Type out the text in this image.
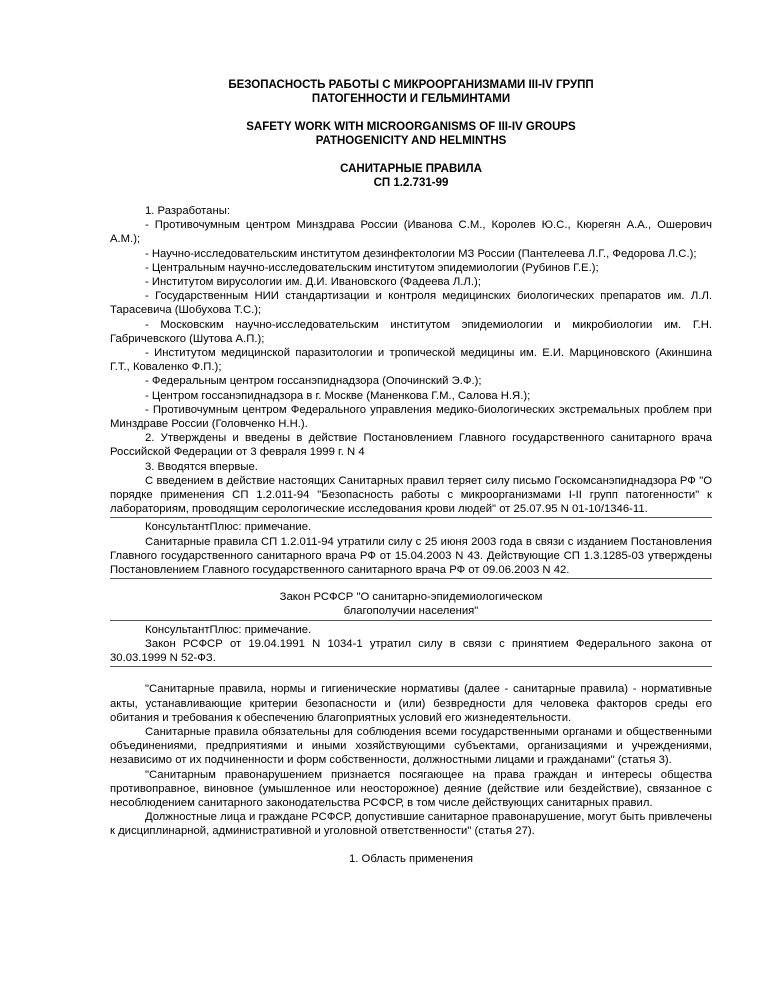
БЕЗОПАСНОСТЬ РАБОТЫ С МИКРООРГАНИЗМАМИ III-IV ГРУПП
ПАТОГЕННОСТИ И ГЕЛЬМИНТАМИ
SAFETY WORK WITH MICROORGANISMS OF III-IV GROUPS
PATHOGENICITY AND HELMINTHS
САНИТАРНЫЕ ПРАВИЛА
СП 1.2.731-99

1. Разработаны:

- Противочумным центром Минздрава России (Иванова С.М., Королев Ю.С., Кюрегян А.А., Ошерович А.М.);

- Научно-исследовательским институтом дезинфектологии МЗ России (Пантелеева Л.Г., Федорова Л.С.);

- Центральным научно-исследовательским институтом эпидемиологии (Рубинов Г.Е.);

- Институтом вирусологии им. Д.И. Ивановского (Фадеева Л.Л.);

- Государственным НИИ стандартизации и контроля медицинских биологических препаратов им. Л.Л. Тарасевича (Шобухова Т.С.);

- Московским научно-исследовательским институтом эпидемиологии и микробиологии им. Г.Н. Габричевского (Шутова А.П.);

- Институтом медицинской паразитологии и тропической медицины им. Е.И. Марциновского (Акиншина Г.Т., Коваленко Ф.П.);

- Федеральным центром госсанэпиднадзора (Опочинский Э.Ф.);

- Центром госсанэпиднадзора в г. Москве (Маненкова Г.М., Салова Н.Я.);

- Противочумным центром Федерального управления медико-биологических экстремальных проблем при Минздраве России (Головченко Н.Н.).

2. Утверждены и введены в действие Постановлением Главного государственного санитарного врача Российской Федерации от 3 февраля 1999 г. N 4

3. Вводятся впервые.

С введением в действие настоящих Санитарных правил теряет силу письмо Госкомсанэпиднадзора РФ "О порядке применения СП 1.2.011-94 "Безопасность работы с микроорганизмами I-II групп патогенности" к лабораториям, проводящим серологические исследования крови людей" от 25.07.95 N 01-10/1346-11.

КонсультантПлюс: примечание.

Санитарные правила СП 1.2.011-94 утратили силу с 25 июня 2003 года в связи с изданием Постановления Главного государственного санитарного врача РФ от 15.04.2003 N 43. Действующие СП 1.3.1285-03 утверждены Постановлением Главного государственного санитарного врача РФ от 09.06.2003 N 42.

Закон РСФСР "О санитарно-эпидемиологическом
благополучии населения"

КонсультантПлюс: примечание.

Закон РСФСР от 19.04.1991 N 1034-1 утратил силу в связи с принятием Федерального закона от 30.03.1999 N 52-ФЗ.

"Санитарные правила, нормы и гигиенические нормативы (далее - санитарные правила) - нормативные акты, устанавливающие критерии безопасности и (или) безвредности для человека факторов среды его обитания и требования к обеспечению благоприятных условий его жизнедеятельности.

Санитарные правила обязательны для соблюдения всеми государственными органами и общественными объединениями, предприятиями и иными хозяйствующими субъектами, организациями и учреждениями, независимо от их подчиненности и форм собственности, должностными лицами и гражданами" (статья 3).

"Санитарным правонарушением признается посягающее на права граждан и интересы общества противоправное, виновное (умышленное или неосторожное) деяние (действие или бездействие), связанное с несоблюдением санитарного законодательства РСФСР, в том числе действующих санитарных правил.

Должностные лица и граждане РСФСР, допустившие санитарное правонарушение, могут быть привлечены к дисциплинарной, административной и уголовной ответственности" (статья 27).

1. Область применения
